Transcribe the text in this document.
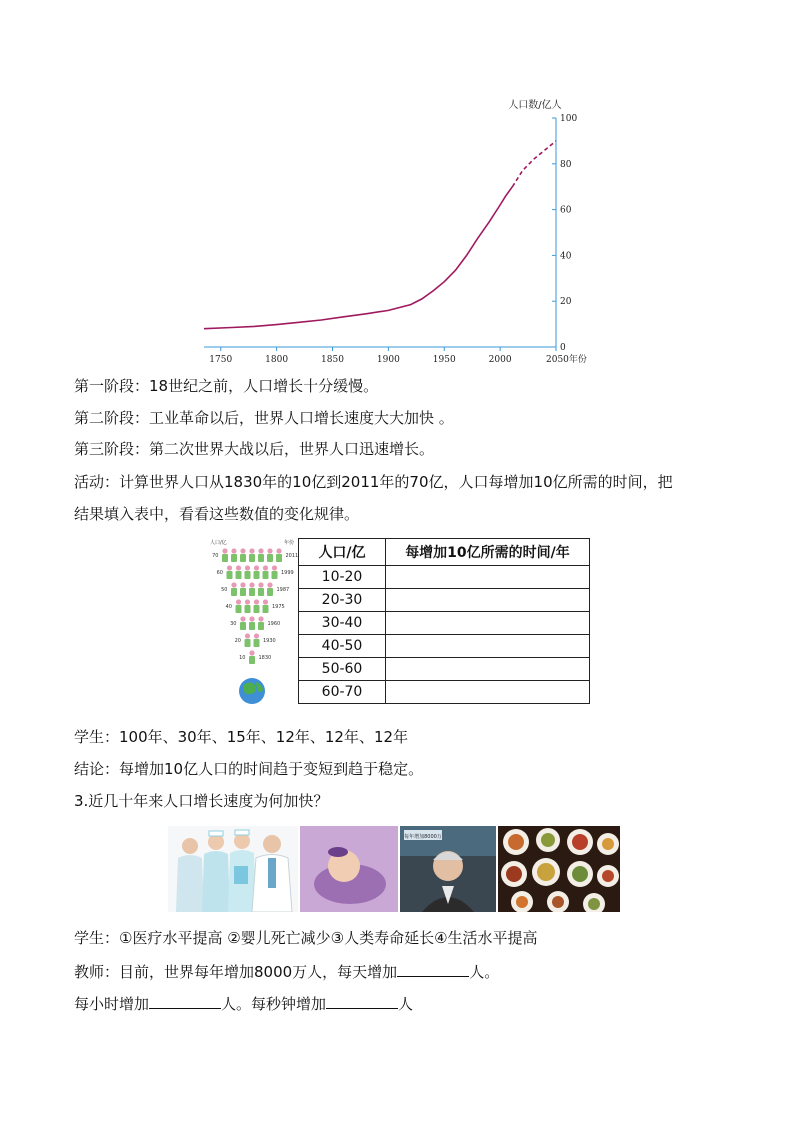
人口数/亿人
0
20
40
60
80
100
1750	1800	1850	1900	1950	2000	2050年份
第一阶段：18世纪之前，人口增长十分缓慢。
第二阶段：工业革命以后，世界人口增长速度大大加快 。
第三阶段：第二次世界大战以后，世界人口迅速增长。
活动：计算世界人口从1830年的10亿到2011年的70亿，人口每增加10亿所需的时间，把
结果填入表中，看看这些数值的变化规律。
人口/亿	年份
70	2011
60	1999
50	1987
40	1975
30	1960
20	1930
10	1830
人口/亿	每增加10亿所需的时间/年
10-20	
20-30	
30-40	
40-50	
50-60	
60-70	
学生：100年、30年、15年、12年、12年、12年
结论：每增加10亿人口的时间趋于变短到趋于稳定。
3.近几十年来人口增长速度为何加快？
每年增加8000万
学生：①医疗水平提高 ②婴儿死亡减少③人类寿命延长④生活水平提高
教师：目前，世界每年增加8000万人，每天增加	人。
每小时增加	人。每秒钟增加	人
